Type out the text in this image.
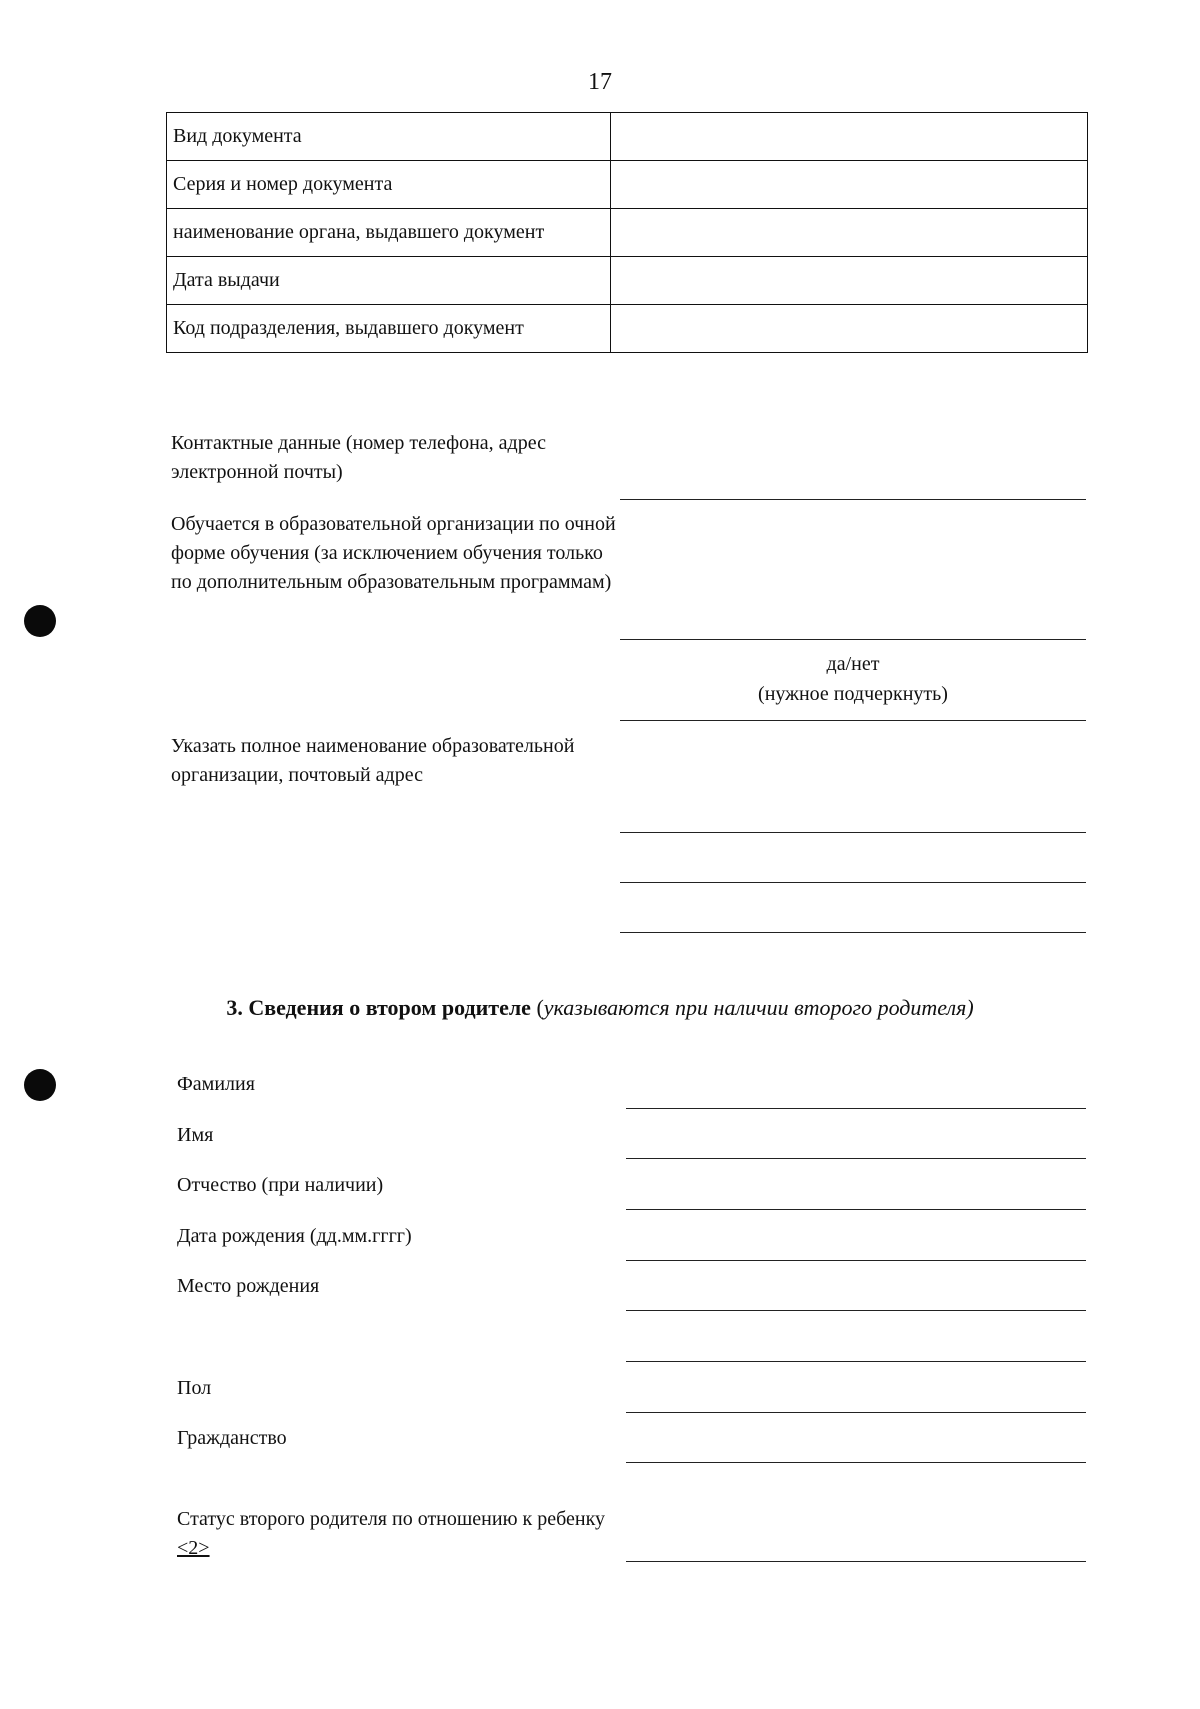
17
Вид документа	
Серия и номер документа	
наименование органа, выдавшего документ	
Дата выдачи	
Код подразделения, выдавшего документ	
Контактные данные (номер телефона, адрес электронной почты)
Обучается в образовательной организации по очной форме обучения (за исключением обучения только по дополнительным образовательным программам)
да/нет
(нужное подчеркнуть)
Указать полное наименование образовательной организации, почтовый адрес
3. Сведения о втором родителе (указываются при наличии второго родителя)
Фамилия
Имя
Отчество (при наличии)
Дата рождения (дд.мм.гггг)
Место рождения
Пол
Гражданство
Статус второго родителя по отношению к ребенку <2>
